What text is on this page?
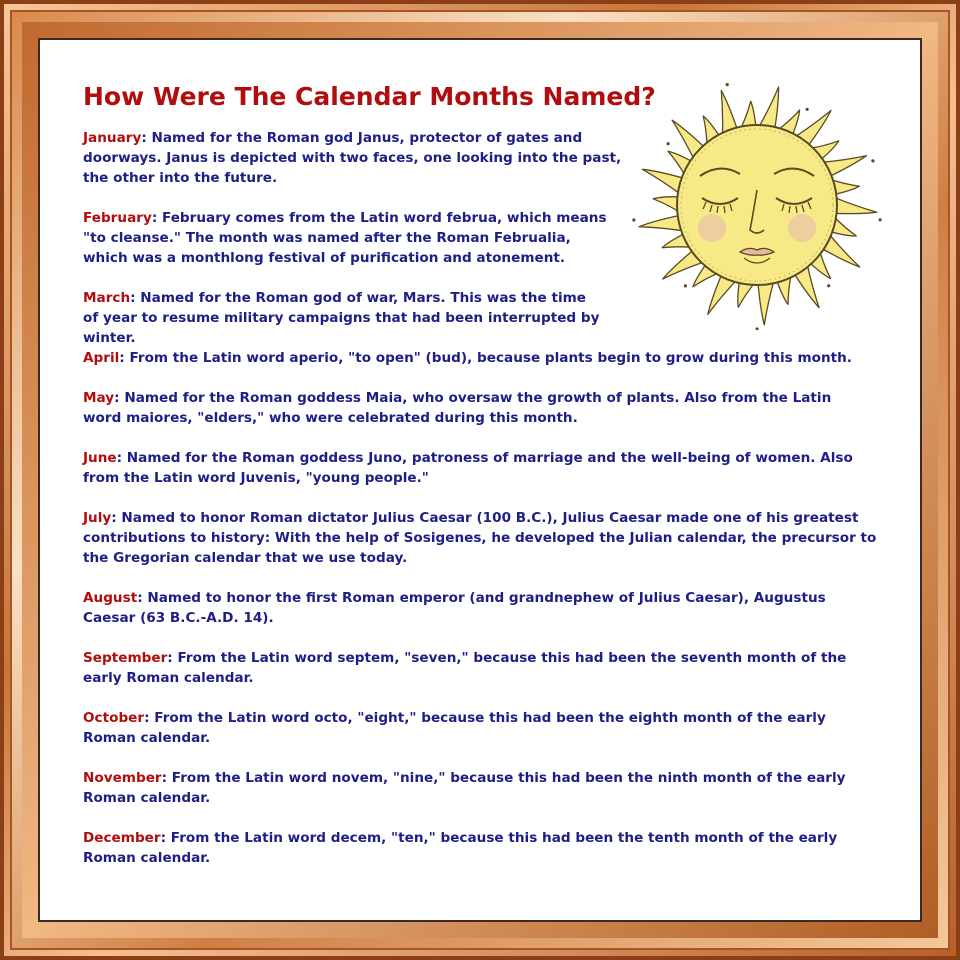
How Were The Calendar Months Named?

January: Named for the Roman god Janus, protector of gates and doorways. Janus is depicted with two faces, one looking into the past, the other into the future.

February: February comes from the Latin word februa, which means "to cleanse." The month was named after the Roman Februalia, which was a monthlong festival of purification and atonement.

March: Named for the Roman god of war, Mars. This was the time of year to resume military campaigns that had been interrupted by winter.

April: From the Latin word aperio, "to open" (bud), because plants begin to grow during this month.

May: Named for the Roman goddess Maia, who oversaw the growth of plants. Also from the Latin word maiores, "elders," who were celebrated during this month.

June: Named for the Roman goddess Juno, patroness of marriage and the well-being of women. Also from the Latin word Juvenis, "young people."

July: Named to honor Roman dictator Julius Caesar (100 B.C.), Julius Caesar made one of his greatest contributions to history: With the help of Sosigenes, he developed the Julian calendar, the precursor to the Gregorian calendar that we use today.

August: Named to honor the first Roman emperor (and grandnephew of Julius Caesar), Augustus Caesar (63 B.C.-A.D. 14).

September: From the Latin word septem, "seven," because this had been the seventh month of the early Roman calendar.

October: From the Latin word octo, "eight," because this had been the eighth month of the early Roman calendar.

November: From the Latin word novem, "nine," because this had been the ninth month of the early Roman calendar.

December: From the Latin word decem, "ten," because this had been the tenth month of the early Roman calendar.
